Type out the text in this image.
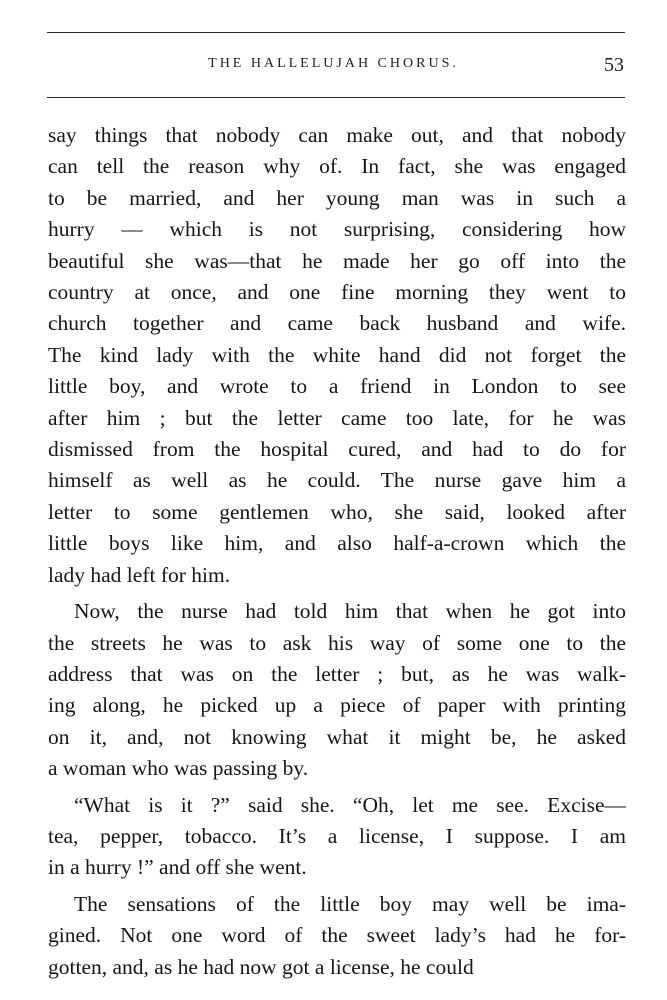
THE HALLELUJAH CHORUS.	53
say things that nobody can make out, and that nobody
can tell the reason why of. In fact, she was engaged
to be married, and her young man was in such a
hurry — which is not surprising, considering how
beautiful she was—that he made her go off into the
country at once, and one fine morning they went to
church together and came back husband and wife.
The kind lady with the white hand did not forget the
little boy, and wrote to a friend in London to see
after him ; but the letter came too late, for he was
dismissed from the hospital cured, and had to do for
himself as well as he could. The nurse gave him a
letter to some gentlemen who, she said, looked after
little boys like him, and also half-a-crown which the
lady had left for him.
Now, the nurse had told him that when he got into
the streets he was to ask his way of some one to the
address that was on the letter ; but, as he was walk-
ing along, he picked up a piece of paper with printing
on it, and, not knowing what it might be, he asked
a woman who was passing by.
“What is it ?” said she. “Oh, let me see. Excise—
tea, pepper, tobacco. It’s a license, I suppose. I am
in a hurry !” and off she went.
The sensations of the little boy may well be ima-
gined. Not one word of the sweet lady’s had he for-
gotten, and, as he had now got a license, he could
